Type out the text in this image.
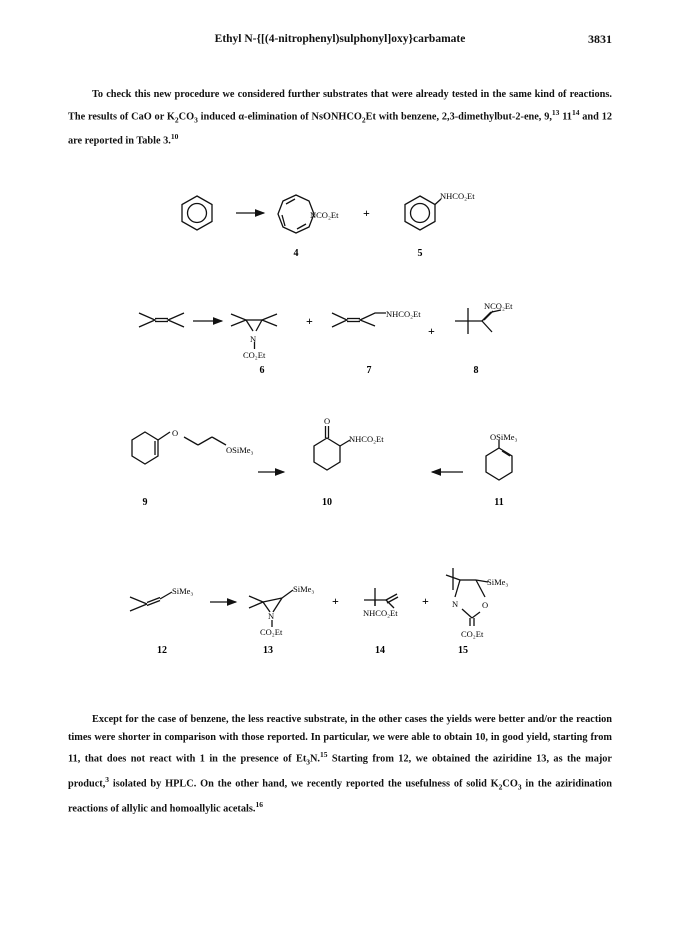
Ethyl N-{[(4-nitrophenyl)sulphonyl]oxy}carbamate	3831

To check this new procedure we considered further substrates that were already tested in the same kind of reactions. The results of CaO or $K_2CO_3$ induced α-elimination of NsONHCO$_2$Et with benzene, 2,3-dimethylbut-2-ene, 9,13 $11^{14}$ and 12 are reported in Table 3.10

NCO₂Et +
NHCO₂Et
4	5
N
CO₂Et
+	NHCO₂Et
+
NCO₂Et
6	7	8
O
OSiMe₃
O
NHCO₂Et	OSiMe₃
9	10	11
SiMe₃	SiMe₃
N
CO₂Et
+
NHCO₂Et
+
SiMe₃
N	O
CO₂Et
12	13	14	15

Except for the case of benzene, the less reactive substrate, in the other cases the yields were better and/or the reaction times were shorter in comparison with those reported. In particular, we were able to obtain 10, in good yield, starting from 11, that does not react with 1 in the presence of $Et_3N.^{15}$ Starting from 12, we obtained the aziridine 13, as the major product,$^3$ isolated by HPLC. On the other hand, we recently reported the usefulness of solid $K_2CO_3$ in the aziridination reactions of allylic and homoallylic acetals.$^{16}$
